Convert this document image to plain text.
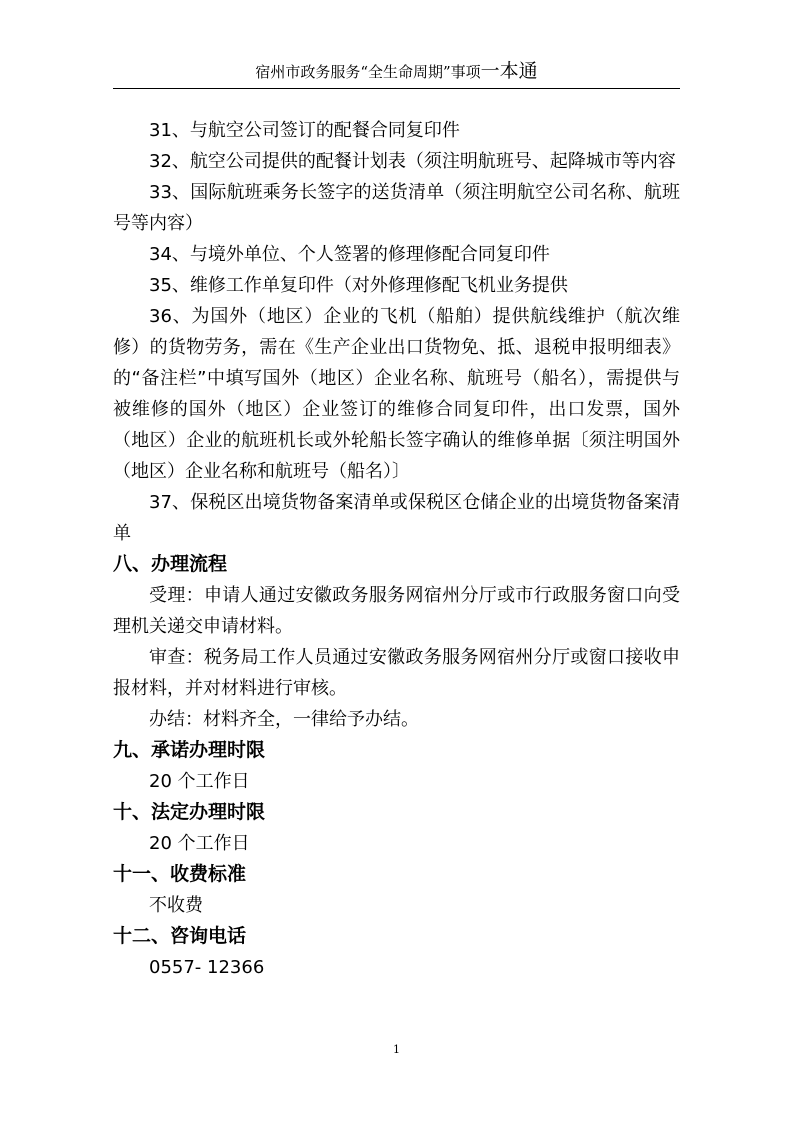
宿州市政务服务“全生命周期”事项一本通

31、与航空公司签订的配餐合同复印件

32、航空公司提供的配餐计划表（须注明航班号、起降城市等内容

33、国际航班乘务长签字的送货清单（须注明航空公司名称、航班号等内容）

34、与境外单位、个人签署的修理修配合同复印件

35、维修工作单复印件（对外修理修配飞机业务提供

36、为国外（地区）企业的飞机（船舶）提供航线维护（航次维修）的货物劳务，需在《生产企业出口货物免、抵、退税申报明细表》的“备注栏”中填写国外（地区）企业名称、航班号（船名），需提供与被维修的国外（地区）企业签订的维修合同复印件，出口发票，国外（地区）企业的航班机长或外轮船长签字确认的维修单据〔须注明国外（地区）企业名称和航班号（船名）〕

37、保税区出境货物备案清单或保税区仓储企业的出境货物备案清单

八、办理流程

受理：申请人通过安徽政务服务网宿州分厅或市行政服务窗口向受理机关递交申请材料。

审查：税务局工作人员通过安徽政务服务网宿州分厅或窗口接收申报材料，并对材料进行审核。

办结：材料齐全，一律给予办结。

九、承诺办理时限

20 个工作日

十、法定办理时限

20 个工作日

十一、收费标准

不收费

十二、咨询电话

0557- 12366

1
